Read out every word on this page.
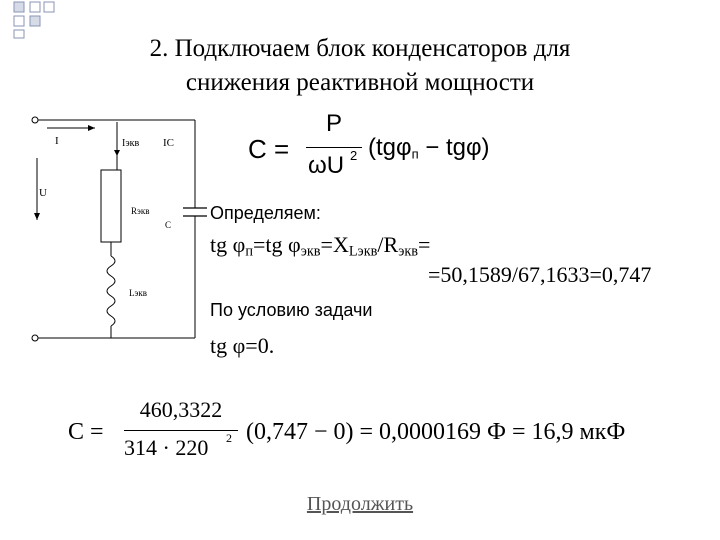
2. Подключаем блок конденсаторов для
снижения реактивной мощности
I
U
Iэкв IC
Rэкв
Lэкв
C
C =
P
ωU 2 (tgφ$_п$ − tgφ)
Определяем:
tg $\varphi_п=tg$ $\varphi_{экв}=X_{Lэкв}/R_{экв}=$
=50,1589/67,1633=0,747
По условию задачи
tg φ=0.
C =
460,3322
314 · 220 2 (0,747 − 0) = 0,0000169 Ф = 16,9 мкФ
Продолжить
